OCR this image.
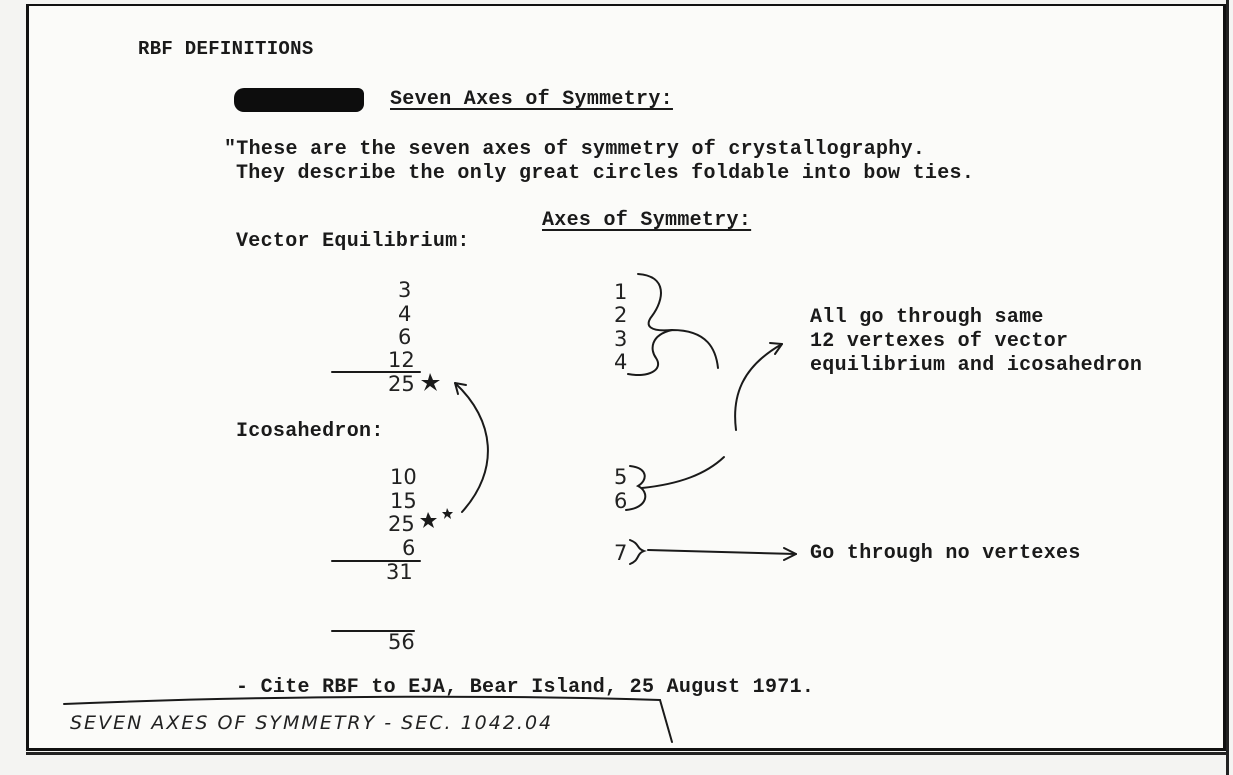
RBF DEFINITIONS
Seven Axes of Symmetry:
"These are the seven axes of symmetry of crystallography.
They describe the only great circles foldable into bow ties.
Axes of Symmetry:
Vector Equilibrium:
3
4
6
12
25
Icosahedron:
10
15
25
6
31
56
1
2
3
4
5
6
7
All go through same
12 vertexes of vector
equilibrium and icosahedron
Go through no vertexes
- Cite RBF to EJA, Bear Island, 25 August 1971.
SEVEN AXES OF SYMMETRY - SEC. 1042.04
